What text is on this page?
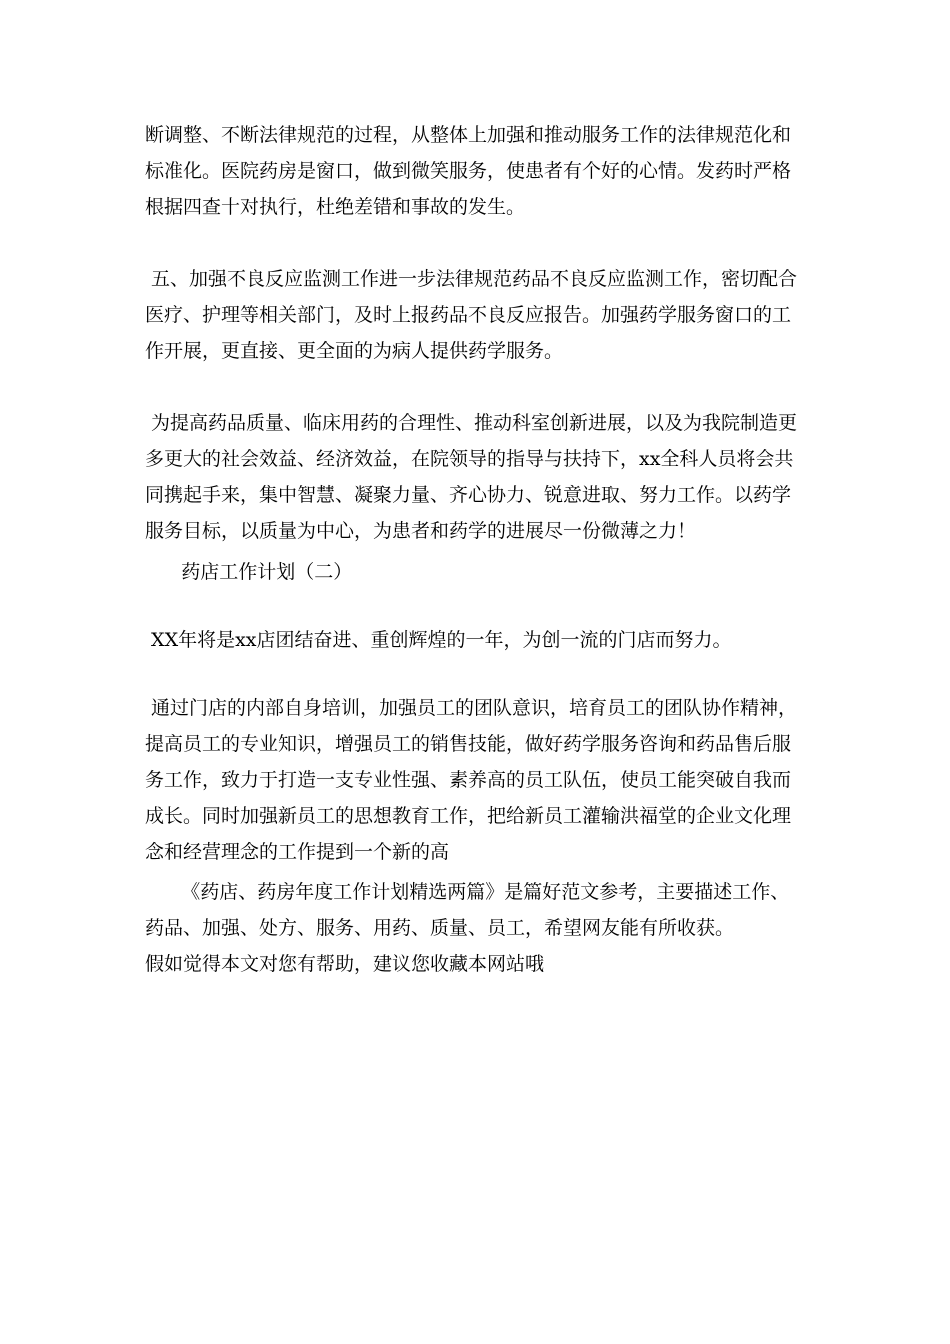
断调整、不断法律规范的过程，从整体上加强和推动服务工作的法律规范化和
标准化。医院药房是窗口，做到微笑服务，使患者有个好的心情。发药时严格
根据四查十对执行，杜绝差错和事故的发生。
五、加强不良反应监测工作进一步法律规范药品不良反应监测工作，密切配合
医疗、护理等相关部门，及时上报药品不良反应报告。加强药学服务窗口的工
作开展，更直接、更全面的为病人提供药学服务。
为提高药品质量、临床用药的合理性、推动科室创新进展，以及为我院制造更
多更大的社会效益、经济效益，在院领导的指导与扶持下，xx全科人员将会共
同携起手来，集中智慧、凝聚力量、齐心协力、锐意进取、努力工作。以药学
服务目标，以质量为中心，为患者和药学的进展尽一份微薄之力！
药店工作计划（二）
XX年将是xx店团结奋进、重创辉煌的一年，为创一流的门店而努力。
通过门店的内部自身培训，加强员工的团队意识，培育员工的团队协作精神，
提高员工的专业知识，增强员工的销售技能，做好药学服务咨询和药品售后服
务工作，致力于打造一支专业性强、素养高的员工队伍，使员工能突破自我而
成长。同时加强新员工的思想教育工作，把给新员工灌输洪福堂的企业文化理
念和经营理念的工作提到一个新的高
《药店、药房年度工作计划精选两篇》是篇好范文参考，主要描述工作、
药品、加强、处方、服务、用药、质量、员工，希望网友能有所收获。
假如觉得本文对您有帮助，建议您收藏本网站哦
